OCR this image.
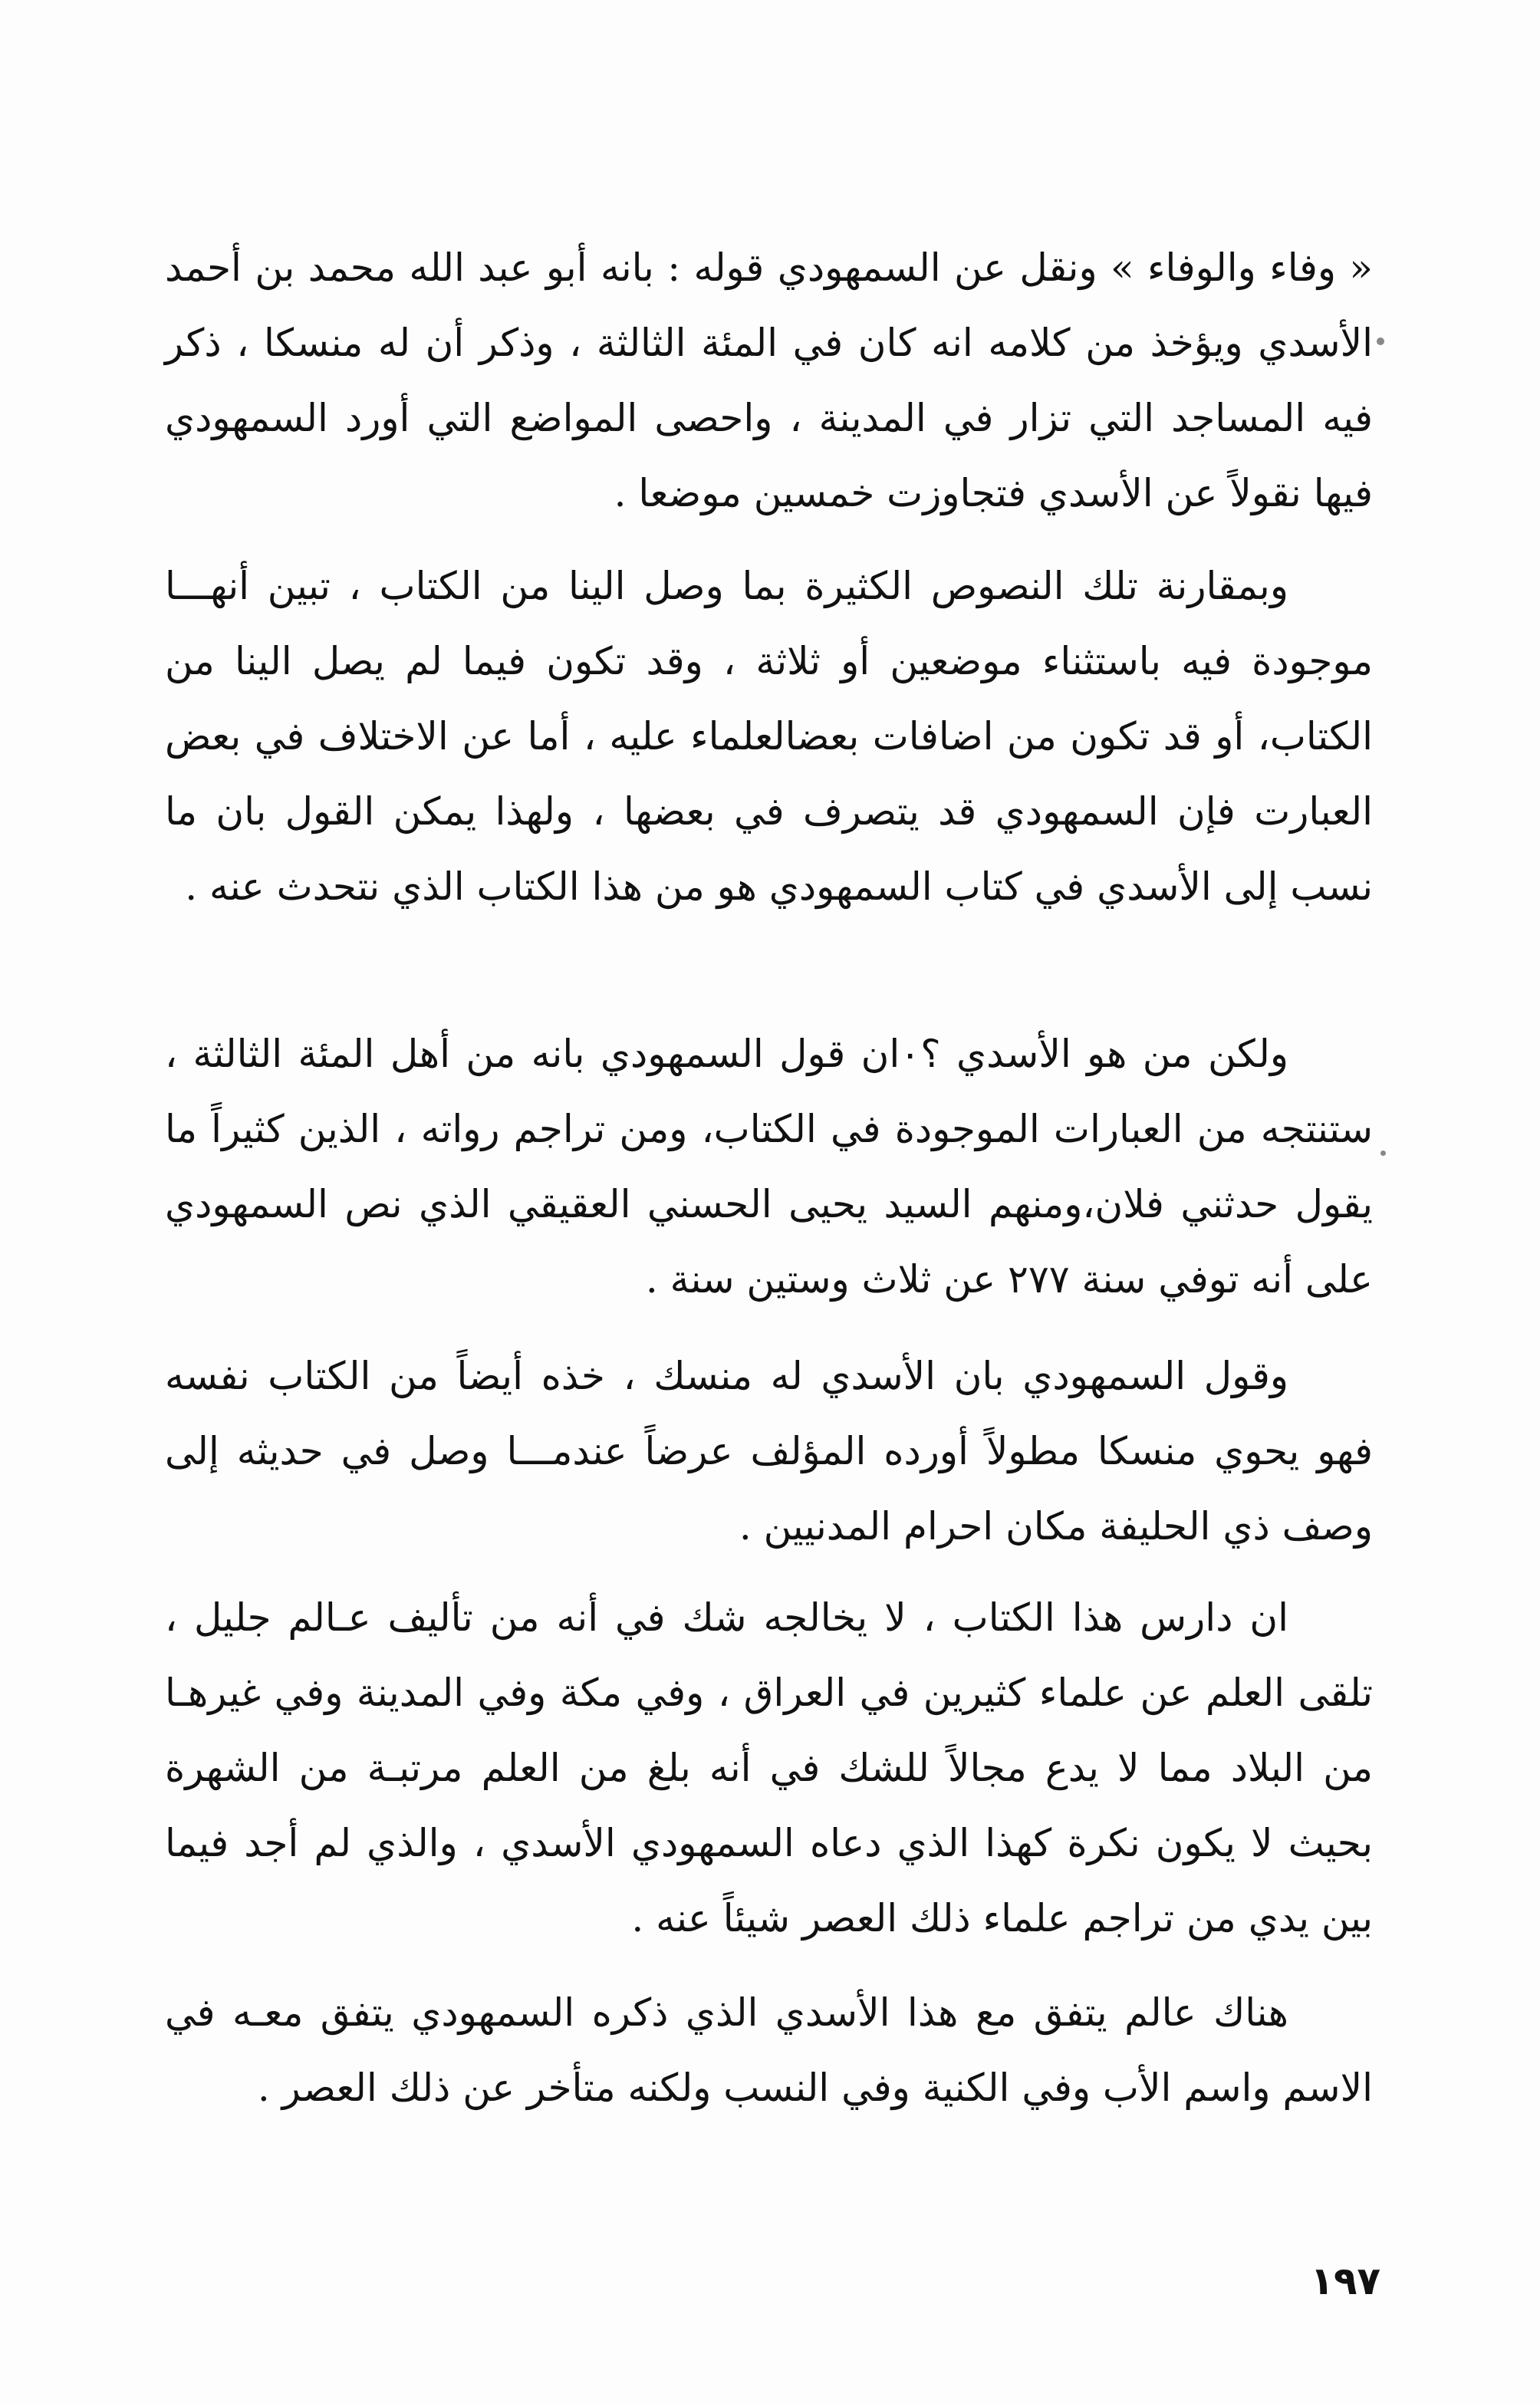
« وفاء والوفاء » ونقل عن السمهودي قوله : بانه أبو عبد الله محمد بن أحمد الأسدي ويؤخذ من كلامه انه كان في المئة الثالثة ، وذكر أن له منسكا ، ذكر فيه المساجد التي تزار في المدينة ، واحصى المواضع التي أورد السمهودي فيها نقولاً عن الأسدي فتجاوزت خمسين موضعا .

وبمقارنة تلك النصوص الكثيرة بما وصل الينا من الكتاب ، تبين أنهـــا موجودة فيه باستثناء موضعين أو ثلاثة ، وقد تكون فيما لم يصل الينا من الكتاب، أو قد تكون من اضافات بعضالعلماء عليه ، أما عن الاختلاف في بعض العبارت فإن السمهودي قد يتصرف في بعضها ، ولهذا يمكن القول بان ما نسب إلى الأسدي في كتاب السمهودي هو من هذا الكتاب الذي نتحدث عنه .

ولكن من هو الأسدي ؟٠ان قول السمهودي بانه من أهل المئة الثالثة ، ستنتجه من العبارات الموجودة في الكتاب، ومن تراجم رواته ، الذين كثيراً ما يقول حدثني فلان،ومنهم السيد يحيى الحسني العقيقي الذي نص السمهودي على أنه توفي سنة ٢٧٧ عن ثلاث وستين سنة .

وقول السمهودي بان الأسدي له منسك ، خذه أيضاً من الكتاب نفسه فهو يحوي منسكا مطولاً أورده المؤلف عرضاً عندمـــا وصل في حديثه إلى وصف ذي الحليفة مكان احرام المدنيين .

ان دارس هذا الكتاب ، لا يخالجه شك في أنه من تأليف عـالم جليل ، تلقى العلم عن علماء كثيرين في العراق ، وفي مكة وفي المدينة وفي غيرهـا من البلاد مما لا يدع مجالاً للشك في أنه بلغ من العلم مرتبـة من الشهرة بحيث لا يكون نكرة كهذا الذي دعاه السمهودي الأسدي ، والذي لم أجد فيما بين يدي من تراجم علماء ذلك العصر شيئاً عنه .

هناك عالم يتفق مع هذا الأسدي الذي ذكره السمهودي يتفق معـه في الاسم واسم الأب وفي الكنية وفي النسب ولكنه متأخر عن ذلك العصر .

١٩٧
